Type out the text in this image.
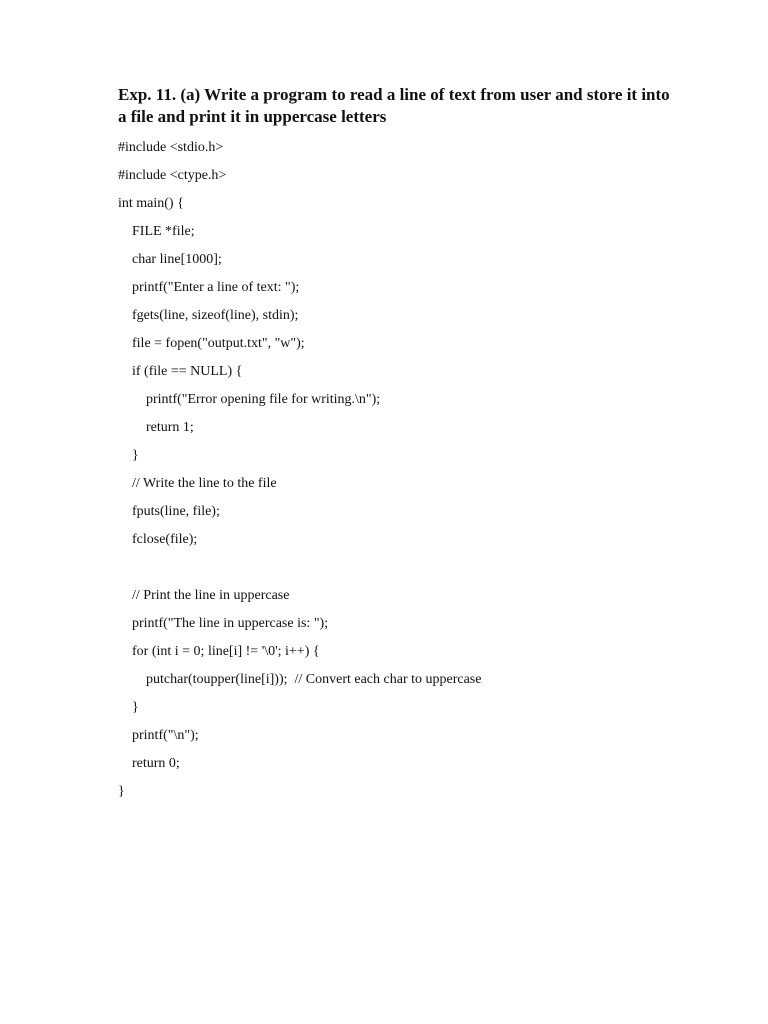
Exp. 11. (a) Write a program to read a line of text from user and store it into a file and print it in uppercase letters
#include <stdio.h>
#include <ctype.h>
int main() {
FILE *file;
char line[1000];
printf("Enter a line of text: ");
fgets(line, sizeof(line), stdin);
file = fopen("output.txt", "w");
if (file == NULL) {
printf("Error opening file for writing.\n");
return 1;
}
// Write the line to the file
fputs(line, file);
fclose(file);
// Print the line in uppercase
printf("The line in uppercase is: ");
for (int i = 0; line[i] != '\0'; i++) {
putchar(toupper(line[i]));  // Convert each char to uppercase
}
printf("\n");
return 0;
}
